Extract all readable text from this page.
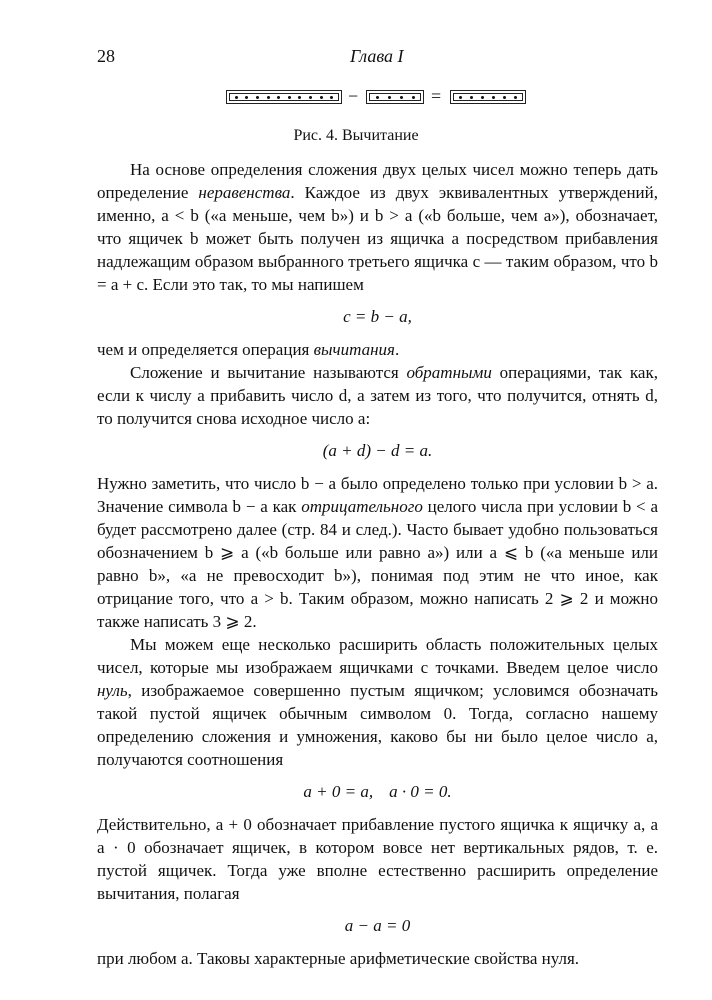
28	Глава I
−	=
Рис. 4. Вычитание

На основе определения сложения двух целых чисел можно теперь дать определение неравенства. Каждое из двух эквивалентных утверждений, именно, a < b («a меньше, чем b») и b > a («b больше, чем a»), обозначает, что ящичек b может быть получен из ящичка a посредством прибавления надлежащим образом выбранного третьего ящичка c — таким образом, что b = a + c. Если это так, то мы напишем

c = b − a,

чем и определяется операция вычитания.

Сложение и вычитание называются обратными операциями, так как, если к числу a прибавить число d, а затем из того, что получится, отнять d, то получится снова исходное число a:

(a + d) − d = a.

Нужно заметить, что число b − a было определено только при условии b > a. Значение символа b − a как отрицательного целого числа при условии b < a будет рассмотрено далее (стр. 84 и след.). Часто бывает удобно пользоваться обозначением b ⩾ a («b больше или равно a») или a ⩽ b («a меньше или равно b», «a не превосходит b»), понимая под этим не что иное, как отрицание того, что a > b. Таким образом, можно написать 2 ⩾ 2 и можно также написать 3 ⩾ 2.

Мы можем еще несколько расширить область положительных целых чисел, которые мы изображаем ящичками с точками. Введем целое число нуль, изображаемое совершенно пустым ящичком; условимся обозначать такой пустой ящичек обычным символом 0. Тогда, согласно нашему определению сложения и умножения, каково бы ни было целое число a, получаются соотношения

a + 0 = a, a · 0 = 0.

Действительно, a + 0 обозначает прибавление пустого ящичка к ящичку a, а a · 0 обозначает ящичек, в котором вовсе нет вертикальных рядов, т. е. пустой ящичек. Тогда уже вполне естественно расширить определение вычитания, полагая

a − a = 0

при любом a. Таковы характерные арифметические свойства нуля.
